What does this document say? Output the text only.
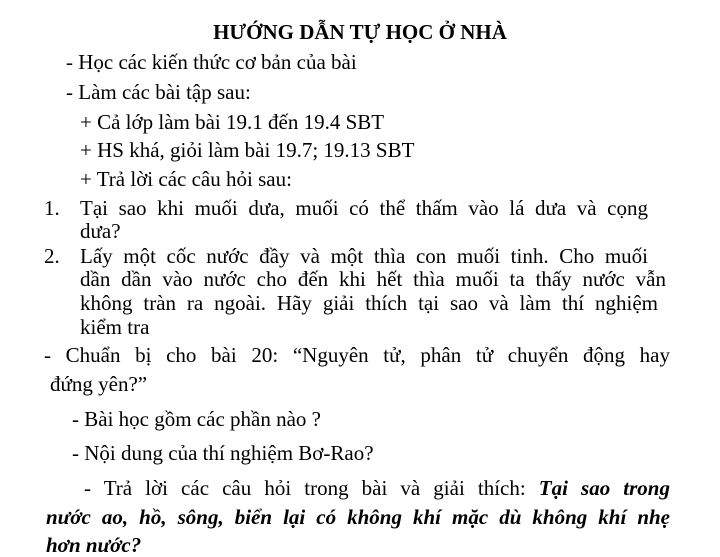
HƯỚNG DẪN TỰ HỌC Ở NHÀ
- Học các kiến thức cơ bản của bài
- Làm các bài tập sau:
+ Cả lớp làm bài 19.1 đến 19.4 SBT
+ HS khá, giỏi làm bài 19.7; 19.13 SBT
+ Trả lời các câu hỏi sau:
1. Tại sao khi muối dưa, muối có thể thấm vào lá dưa và cọng
dưa?
2. Lấy một cốc nước đầy và một thìa con muối tinh. Cho muối
dần dần vào nước cho đến khi hết thìa muối ta thấy nước vẫn
không tràn ra ngoài. Hãy giải thích tại sao và làm thí nghiệm
kiểm tra
- Chuẩn bị cho bài 20: “Nguyên tử, phân tử chuyển động hay
đứng yên?”
- Bài học gồm các phần nào ?
- Nội dung của thí nghiệm Bơ-Rao?
- Trả lời các câu hỏi trong bài và giải thích: Tại sao trong
nước ao, hồ, sông, biển lại có không khí mặc dù không khí nhẹ
hơn nước?
